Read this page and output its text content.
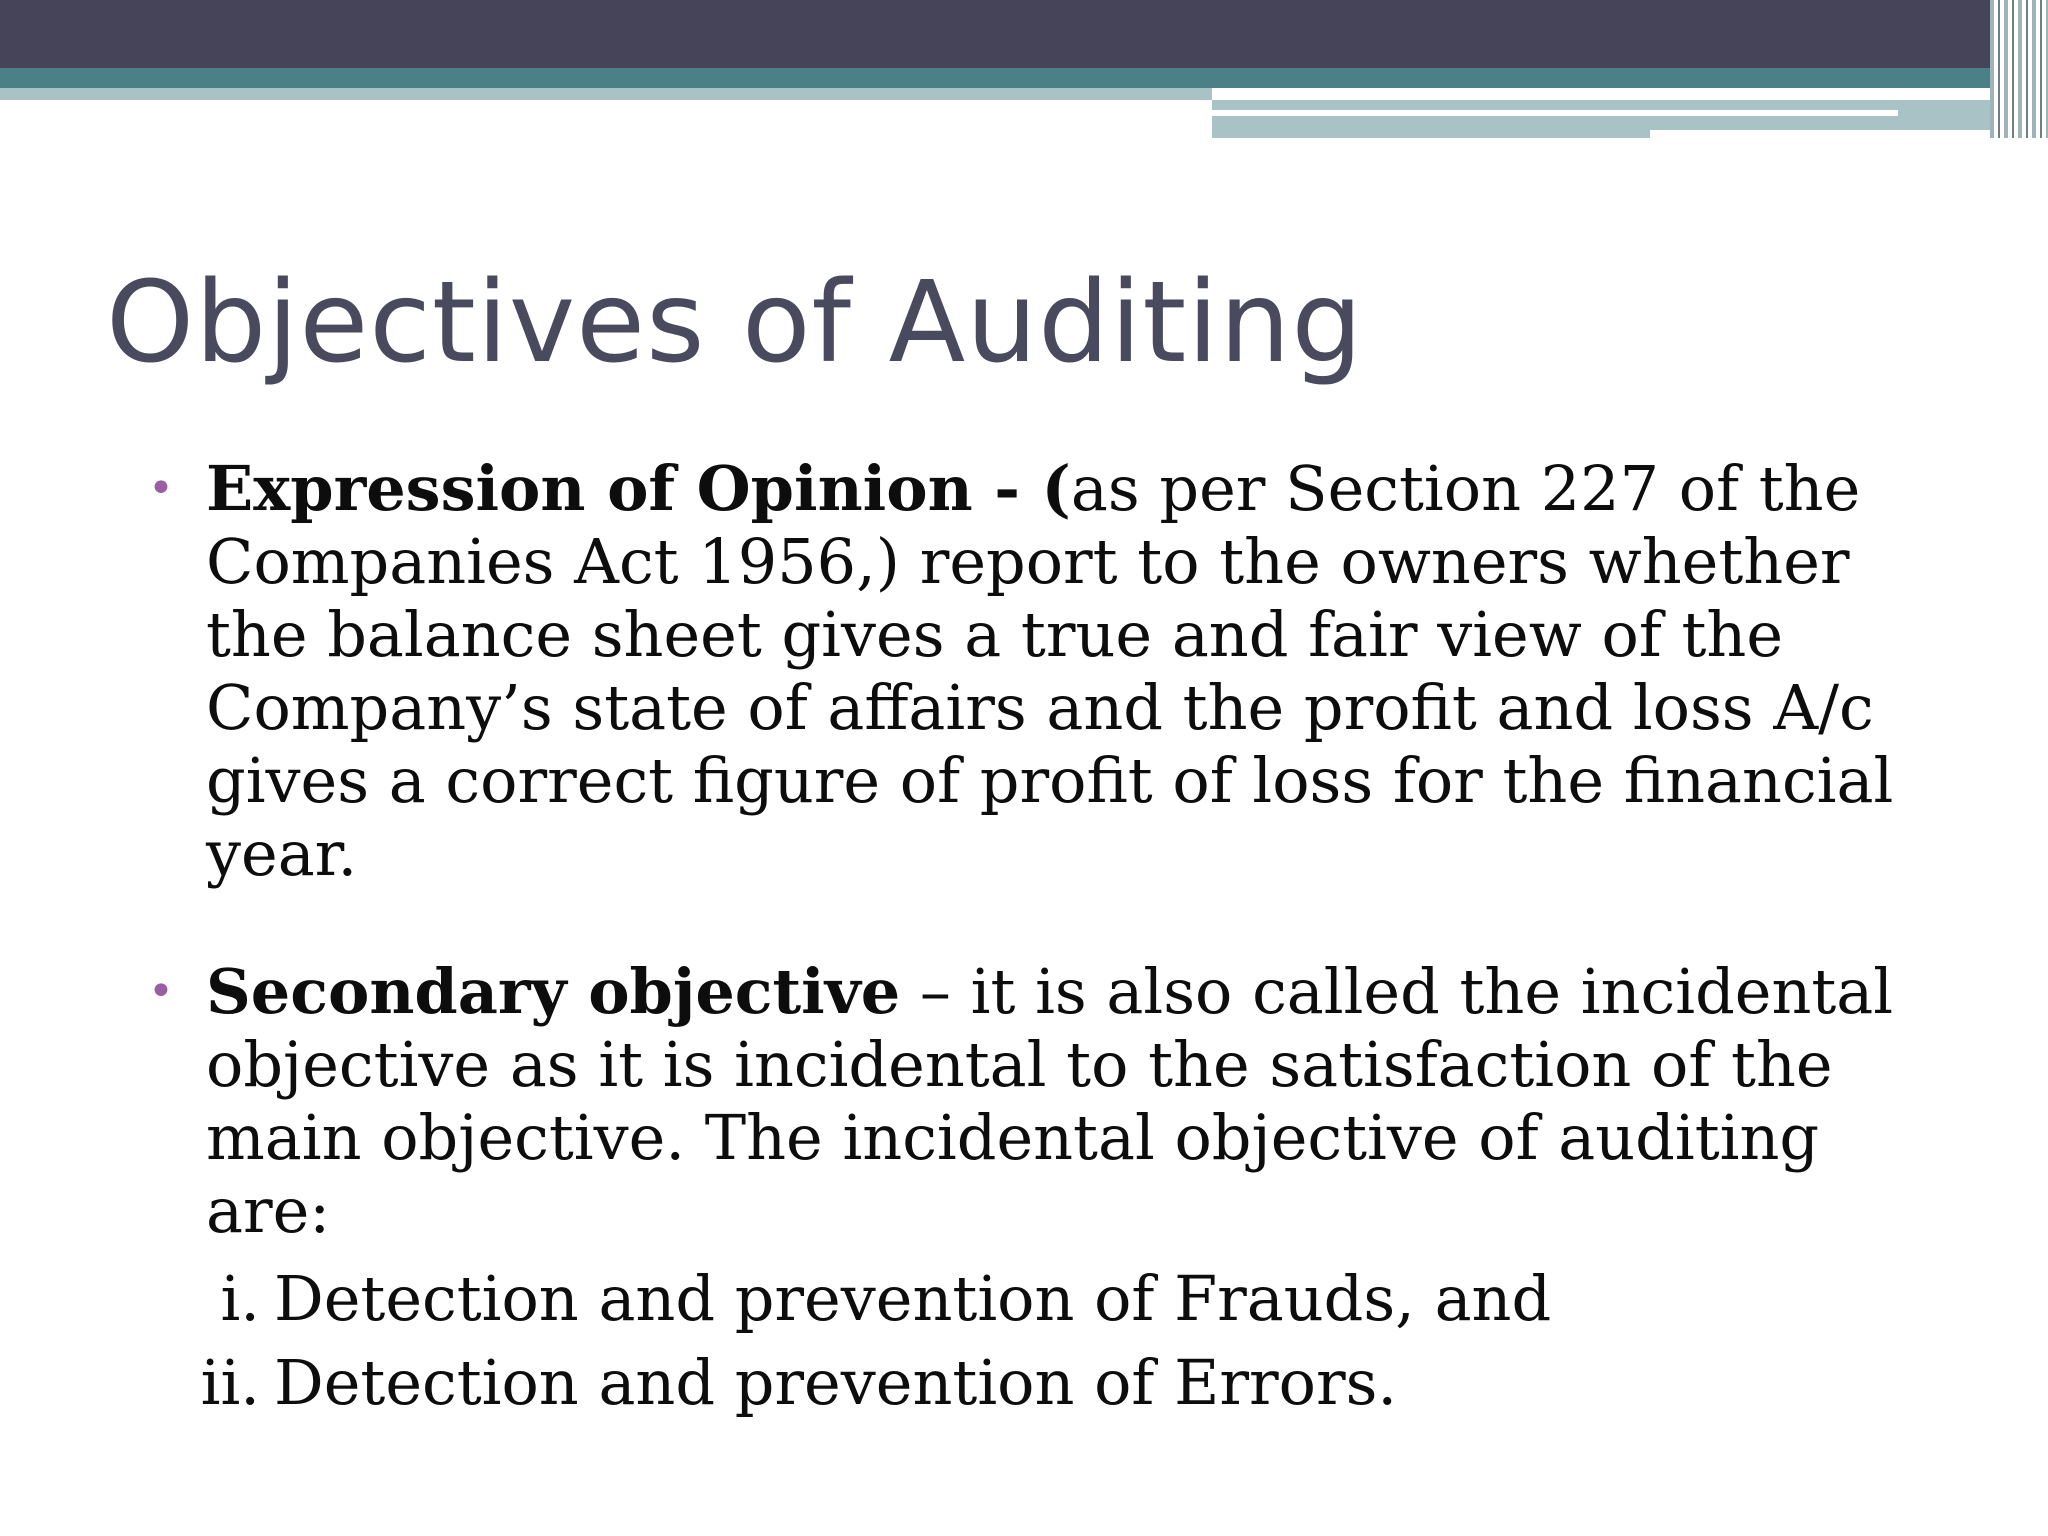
Objectives of Auditing
• Expression of Opinion - (as per Section 227 of the Companies Act 1956,) report to the owners whether the balance sheet gives a true and fair view of the Company’s state of affairs and the profit and loss A/c gives a correct figure of profit of loss for the financial year.
• Secondary objective – it is also called the incidental objective as it is incidental to the satisfaction of the main objective. The incidental objective of auditing are:
i. Detection and prevention of Frauds, and
ii. Detection and prevention of Errors.
